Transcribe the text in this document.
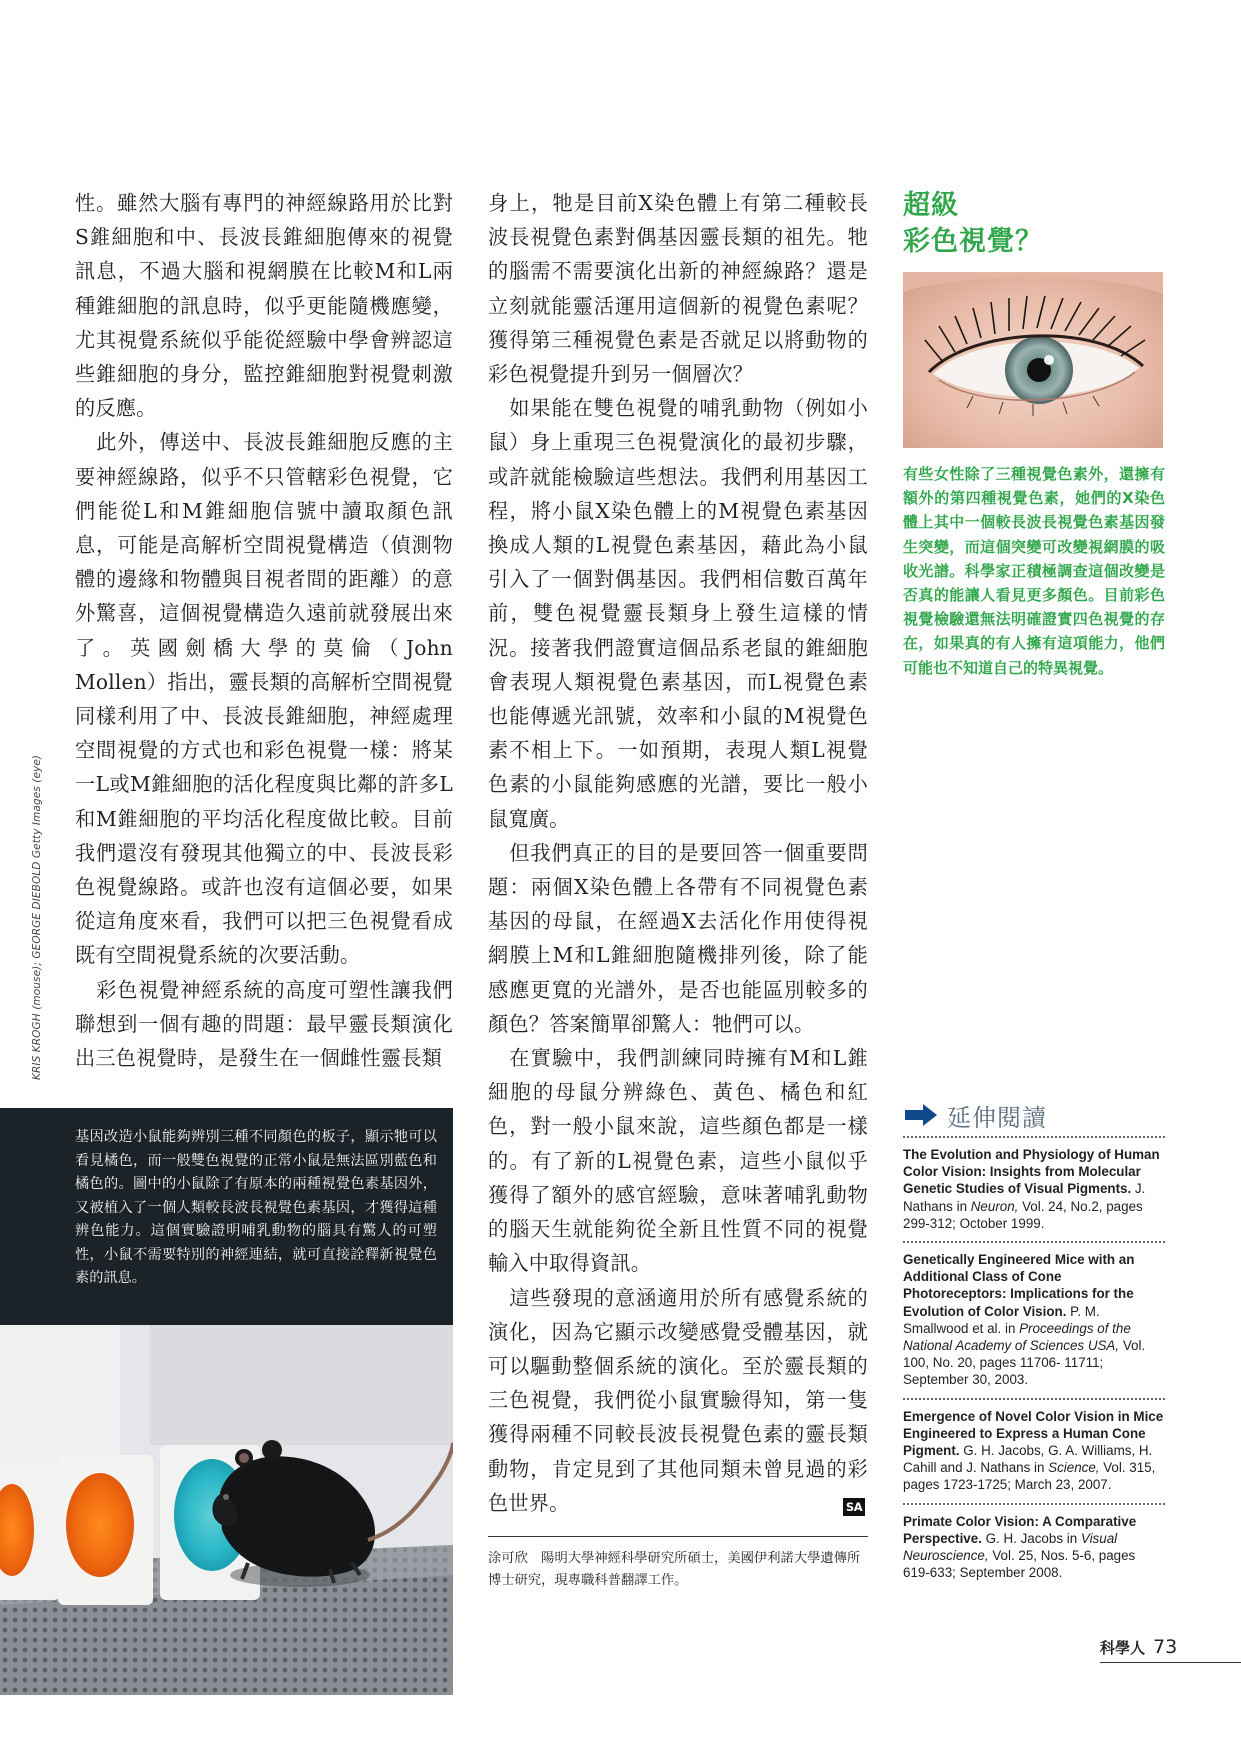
性。雖然大腦有專門的神經線路用於比對S錐細胞和中、長波長錐細胞傳來的視覺訊息，不過大腦和視網膜在比較M和L兩種錐細胞的訊息時，似乎更能隨機應變，尤其視覺系統似乎能從經驗中學會辨認這些錐細胞的身分，監控錐細胞對視覺刺激的反應。

此外，傳送中、長波長錐細胞反應的主要神經線路，似乎不只管轄彩色視覺，它們能從L和M錐細胞信號中讀取顏色訊息，可能是高解析空間視覺構造（偵測物體的邊緣和物體與目視者間的距離）的意外驚喜，這個視覺構造久遠前就發展出來了。英國劍橋大學的莫倫（John Mollen）指出，靈長類的高解析空間視覺同樣利用了中、長波長錐細胞，神經處理空間視覺的方式也和彩色視覺一樣：將某一L或M錐細胞的活化程度與比鄰的許多L和M錐細胞的平均活化程度做比較。目前我們還沒有發現其他獨立的中、長波長彩色視覺線路。或許也沒有這個必要，如果從這角度來看，我們可以把三色視覺看成既有空間視覺系統的次要活動。

彩色視覺神經系統的高度可塑性讓我們聯想到一個有趣的問題：最早靈長類演化出三色視覺時，是發生在一個雌性靈長類

KRIS KROGH (mouse); GEORGE DIEBOLD Getty Images (eye)
基因改造小鼠能夠辨別三種不同顏色的板子，顯示牠可以看見橘色，而一般雙色視覺的正常小鼠是無法區別藍色和橘色的。圖中的小鼠除了有原本的兩種視覺色素基因外，又被植入了一個人類較長波長視覺色素基因，才獲得這種辨色能力。這個實驗證明哺乳動物的腦具有驚人的可塑性，小鼠不需要特別的神經連結，就可直接詮釋新視覺色素的訊息。

身上，牠是目前X染色體上有第二種較長波長視覺色素對偶基因靈長類的祖先。牠的腦需不需要演化出新的神經線路？還是立刻就能靈活運用這個新的視覺色素呢？獲得第三種視覺色素是否就足以將動物的彩色視覺提升到另一個層次？

如果能在雙色視覺的哺乳動物（例如小鼠）身上重現三色視覺演化的最初步驟，或許就能檢驗這些想法。我們利用基因工程，將小鼠X染色體上的M視覺色素基因換成人類的L視覺色素基因，藉此為小鼠引入了一個對偶基因。我們相信數百萬年前，雙色視覺靈長類身上發生這樣的情況。接著我們證實這個品系老鼠的錐細胞會表現人類視覺色素基因，而L視覺色素也能傳遞光訊號，效率和小鼠的M視覺色素不相上下。一如預期，表現人類L視覺色素的小鼠能夠感應的光譜，要比一般小鼠寬廣。

但我們真正的目的是要回答一個重要問題：兩個X染色體上各帶有不同視覺色素基因的母鼠，在經過X去活化作用使得視網膜上M和L錐細胞隨機排列後，除了能感應更寬的光譜外，是否也能區別較多的顏色？答案簡單卻驚人：牠們可以。

在實驗中，我們訓練同時擁有M和L錐細胞的母鼠分辨綠色、黃色、橘色和紅色，對一般小鼠來說，這些顏色都是一樣的。有了新的L視覺色素，這些小鼠似乎獲得了額外的感官經驗，意味著哺乳動物的腦天生就能夠從全新且性質不同的視覺輸入中取得資訊。

這些發現的意涵適用於所有感覺系統的演化，因為它顯示改變感覺受體基因，就可以驅動整個系統的演化。至於靈長類的三色視覺，我們從小鼠實驗得知，第一隻獲得兩種不同較長波長視覺色素的靈長類動物，肯定見到了其他同類未曾見過的彩色世界。	SA
涂可欣　陽明大學神經科學研究所碩士，美國伊利諾大學遺傳所博士研究，現專職科普翻譯工作。
超級
彩色視覺？
有些女性除了三種視覺色素外，還擁有額外的第四種視覺色素，她們的X染色體上其中一個較長波長視覺色素基因發生突變，而這個突變可改變視網膜的吸收光譜。科學家正積極調查這個改變是否真的能讓人看見更多顏色。目前彩色視覺檢驗還無法明確證實四色視覺的存在，如果真的有人擁有這項能力，他們可能也不知道自己的特異視覺。
延伸閱讀
The Evolution and Physiology of Human Color Vision: Insights from Molecular Genetic Studies of Visual Pigments. J. Nathans in Neuron, Vol. 24, No.2, pages 299-312; October 1999.
Genetically Engineered Mice with an Additional Class of Cone Photoreceptors: Implications for the Evolution of Color Vision. P. M. Smallwood et al. in Proceedings of the National Academy of Sciences USA, Vol. 100, No. 20, pages 11706- 11711; September 30, 2003.
Emergence of Novel Color Vision in Mice Engineered to Express a Human Cone Pigment. G. H. Jacobs, G. A. Williams, H. Cahill and J. Nathans in Science, Vol. 315, pages 1723-1725; March 23, 2007.
Primate Color Vision: A Comparative Perspective. G. H. Jacobs in Visual Neuroscience, Vol. 25, Nos. 5-6, pages 619-633; September 2008.
科學人 73
